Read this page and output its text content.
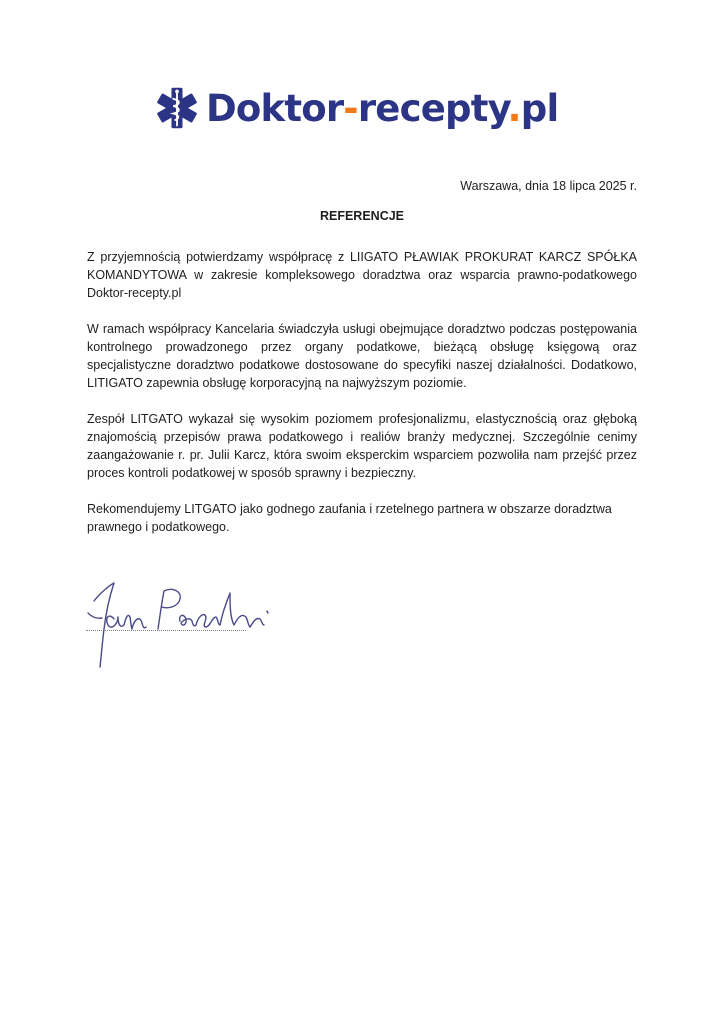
Doktor-recepty.pl
Warszawa, dnia 18 lipca 2025 r.
REFERENCJE

Z przyjemnością potwierdzamy współpracę z LIIGATO PŁAWIAK PROKURAT KARCZ SPÓŁKA KOMANDYTOWA w zakresie kompleksowego doradztwa oraz wsparcia prawno-podatkowego Doktor-recepty.pl

W ramach współpracy Kancelaria świadczyła usługi obejmujące doradztwo podczas postępowania kontrolnego prowadzonego przez organy podatkowe, bieżącą obsługę księgową oraz specjalistyczne doradztwo podatkowe dostosowane do specyfiki naszej działalności. Dodatkowo, LITIGATO zapewnia obsługę korporacyjną na najwyższym poziomie.

Zespół LITGATO wykazał się wysokim poziomem profesjonalizmu, elastycznością oraz głęboką znajomością przepisów prawa podatkowego i realiów branży medycznej. Szczególnie cenimy zaangażowanie r. pr. Julii Karcz, która swoim eksperckim wsparciem pozwoliła nam przejść przez proces kontroli podatkowej w sposób sprawny i bezpieczny.

Rekomendujemy LITGATO jako godnego zaufania i rzetelnego partnera w obszarze doradztwa prawnego i podatkowego.
